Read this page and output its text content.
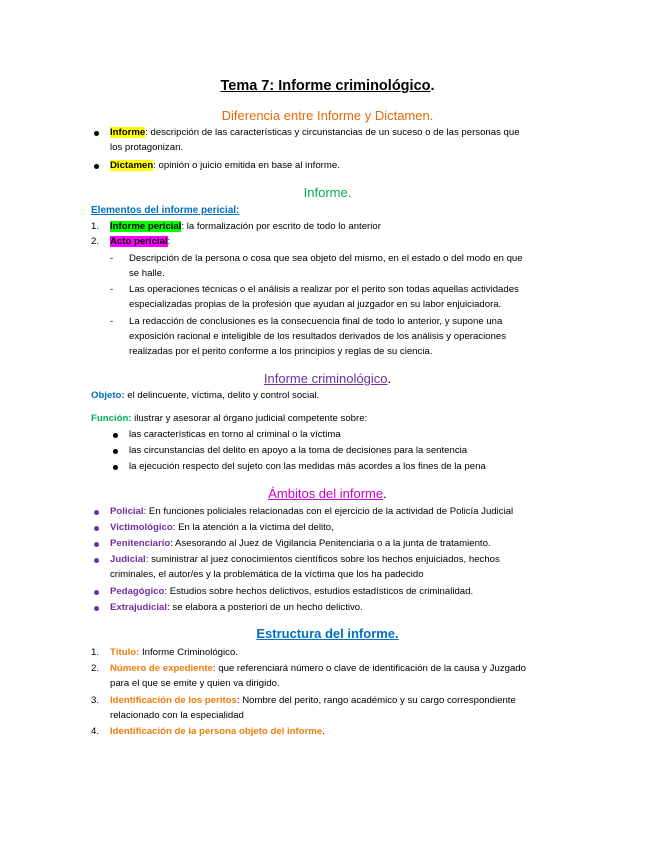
Tema 7: Informe criminológico.
Diferencia entre Informe y Dictamen.
Informe: descripción de las características y circunstancias de un suceso o de las personas que
los protagonizan.
Dictamen: opinión o juicio emitida en base al informe.
Informe.
Elementos del informe pericial:
1. Informe pericial: la formalización por escrito de todo lo anterior
2. Acto pericial:
- Descripción de la persona o cosa que sea objeto del mismo, en el estado o del modo en que
se halle.
- Las operaciones técnicas o el análisis a realizar por el perito son todas aquellas actividades
especializadas propias de la profesión que ayudan al juzgador en su labor enjuiciadora.
- La redacción de conclusiones es la consecuencia final de todo lo anterior, y supone una
exposición racional e inteligible de los resultados derivados de los análisis y operaciones
realizadas por el perito conforme a los principios y reglas de su ciencia.
Informe criminológico.
Objeto: el delincuente, víctima, delito y control social.
Función: ilustrar y asesorar al órgano judicial competente sobre:
las características en torno al criminal o la víctima
las circunstancias del delito en apoyo a la toma de decisiones para la sentencia
la ejecución respecto del sujeto con las medidas más acordes a los fines de la pena
Ámbitos del informe.
Policial: En funciones policiales relacionadas con el ejercicio de la actividad de Policía Judicial
Victimológico: En la atención a la víctima del delito,
Penitenciario: Asesorando al Juez de Vigilancia Penitenciaria o a la junta de tratamiento.
Judicial: suministrar al juez conocimientos científicos sobre los hechos enjuiciados, hechos
criminales, el autor/es y la problemática de la víctima que los ha padecido
Pedagógico: Estudios sobre hechos delictivos, estudios estadísticos de criminalidad.
Extrajudicial: se elabora a posteriori de un hecho delictivo.
Estructura del informe.
1. Título: Informe Criminológico.
2. Número de expediente: que referenciará número o clave de identificación de la causa y Juzgado
para el que se emite y quien va dirigido.
3. Identificación de los peritos: Nombre del perito, rango académico y su cargo correspondiente
relacionado con la especialidad
4. Identificación de la persona objeto del informe.
